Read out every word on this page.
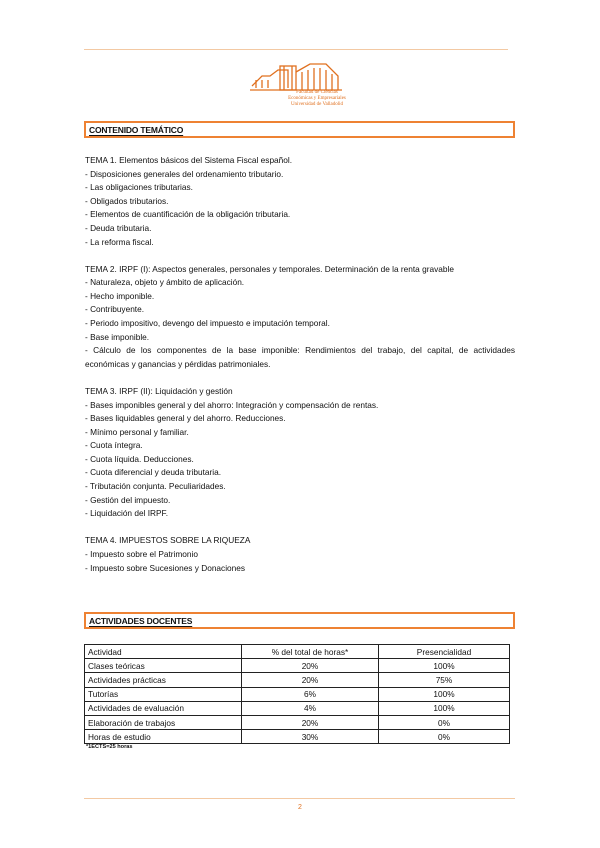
Facultad de Ciencias
Económicas y Empresariales
Universidad de Valladolid
CONTENIDO TEMÁTICO

TEMA 1. Elementos básicos del Sistema Fiscal español.

- Disposiciones generales del ordenamiento tributario.

- Las obligaciones tributarias.

- Obligados tributarios.

- Elementos de cuantificación de la obligación tributaria.

- Deuda tributaria.

- La reforma fiscal.

TEMA 2. IRPF (I): Aspectos generales, personales y temporales. Determinación de la renta gravable

- Naturaleza, objeto y ámbito de aplicación.

- Hecho imponible.

- Contribuyente.

- Periodo impositivo, devengo del impuesto e imputación temporal.

- Base imponible.

- Cálculo de los componentes de la base imponible: Rendimientos del trabajo, del capital, de actividades económicas y ganancias y pérdidas patrimoniales.

TEMA 3. IRPF (II): Liquidación y gestión

- Bases imponibles general y del ahorro: Integración y compensación de rentas.

- Bases liquidables general y del ahorro. Reducciones.

- Mínimo personal y familiar.

- Cuota íntegra.

- Cuota líquida. Deducciones.

- Cuota diferencial y deuda tributaria.

- Tributación conjunta. Peculiaridades.

- Gestión del impuesto.

- Liquidación del IRPF.

TEMA 4. IMPUESTOS SOBRE LA RIQUEZA

- Impuesto sobre el Patrimonio

- Impuesto sobre Sucesiones y Donaciones

ACTIVIDADES DOCENTES
Actividad	% del total de horas*	Presencialidad
Clases teóricas	20%	100%
Actividades prácticas	20%	75%
Tutorías	6%	100%
Actividades de evaluación	4%	100%
Elaboración de trabajos	20%	0%
Horas de estudio	30%	0%
*1ECTS=25 horas
2
